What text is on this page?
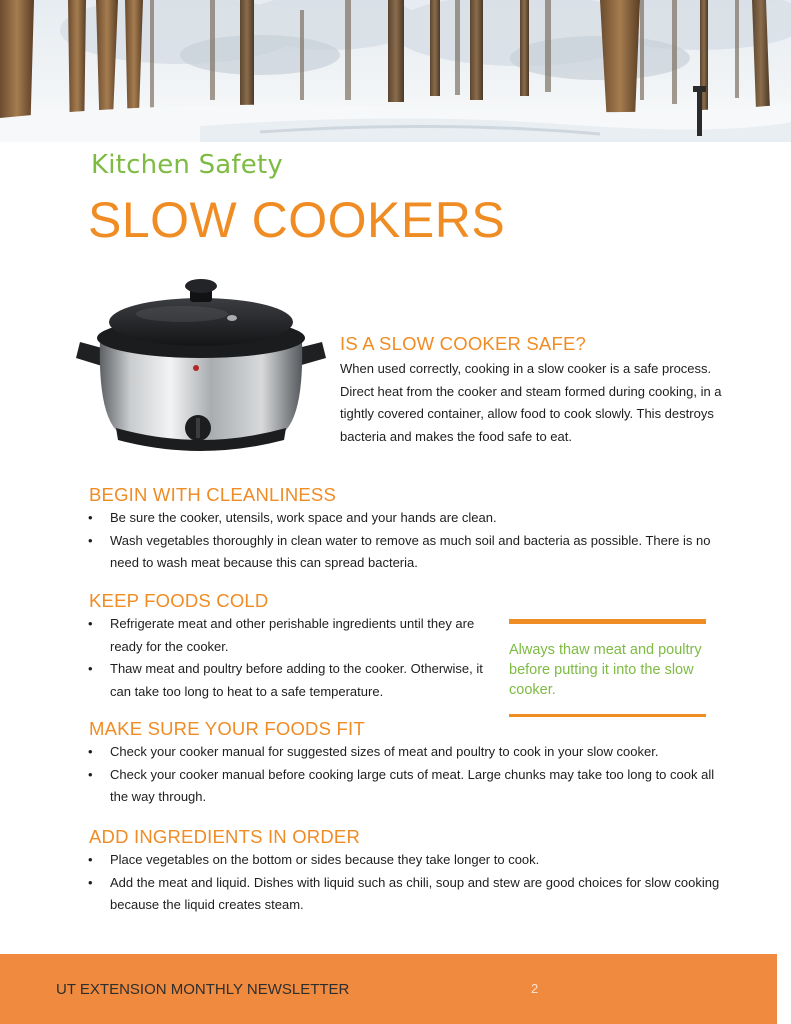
Kitchen Safety
SLOW COOKERS
IS A SLOW COOKER SAFE?

When used correctly, cooking in a slow cooker is a safe process. Direct heat from the cooker and steam formed during cooking, in a tightly covered container, allow food to cook slowly. This destroys bacteria and makes the food safe to eat.

BEGIN WITH CLEANLINESS
• Be sure the cooker, utensils, work space and your hands are clean.
• Wash vegetables thoroughly in clean water to remove as much soil and bacteria as possible. There is no need to wash meat because this can spread bacteria.
KEEP FOODS COLD
• Refrigerate meat and other perishable ingredients until they are ready for the cooker.
• Thaw meat and poultry before adding to the cooker. Otherwise, it can take too long to heat to a safe temperature.
Always thaw meat and poultry before putting it into the slow cooker.
MAKE SURE YOUR FOODS FIT
• Check your cooker manual for suggested sizes of meat and poultry to cook in your slow cooker.
• Check your cooker manual before cooking large cuts of meat. Large chunks may take too long to cook all the way through.
ADD INGREDIENTS IN ORDER
• Place vegetables on the bottom or sides because they take longer to cook.
• Add the meat and liquid. Dishes with liquid such as chili, soup and stew are good choices for slow cooking because the liquid creates steam.
UT EXTENSION MONTHLY NEWSLETTER	2
